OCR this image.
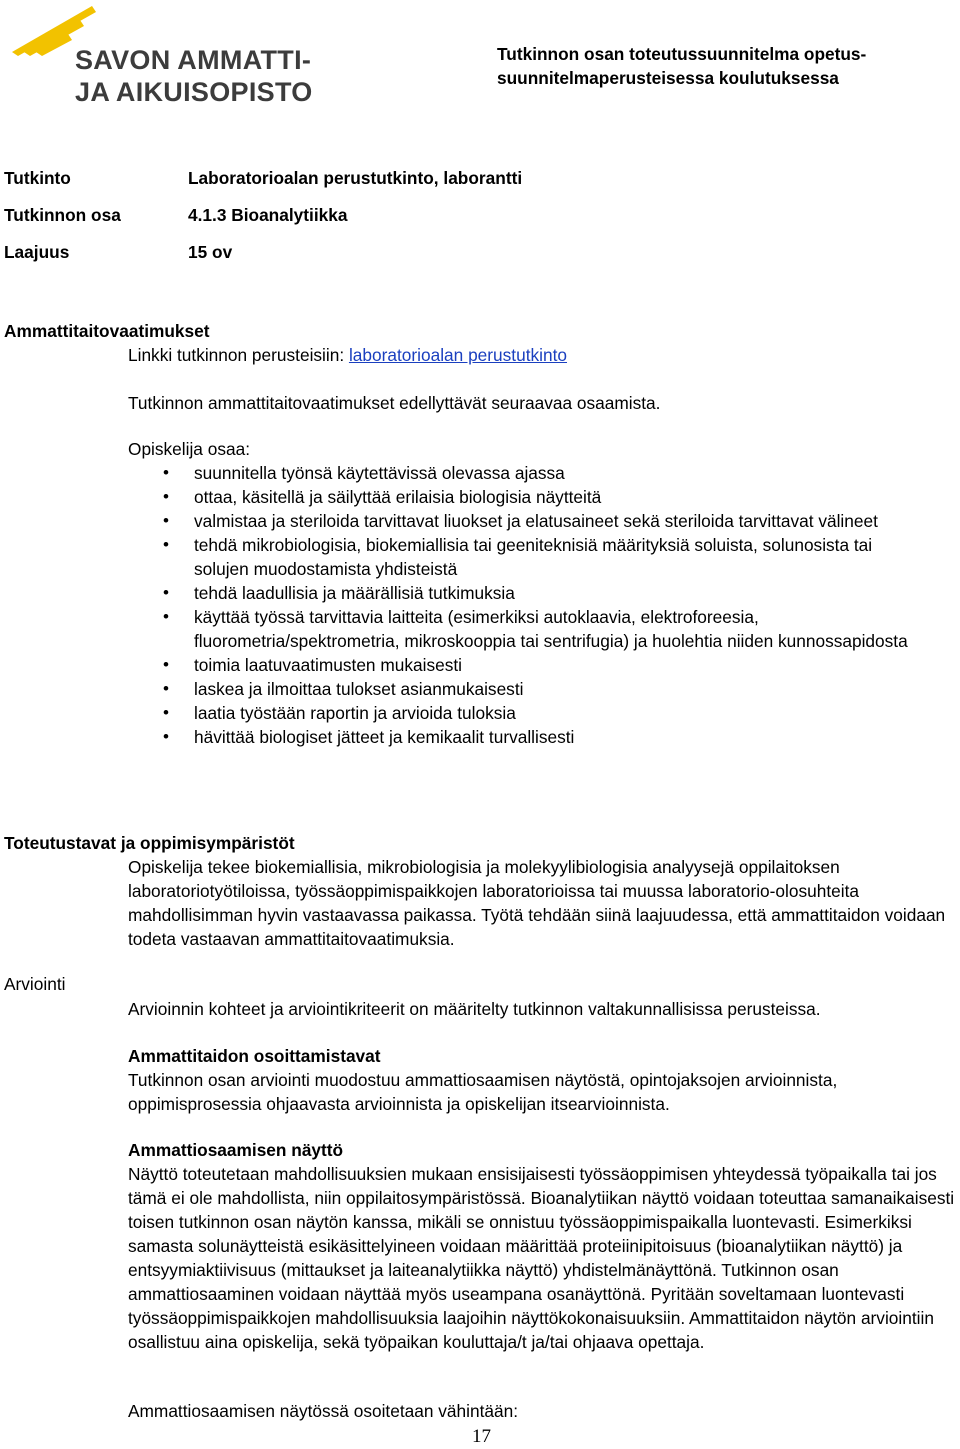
SAVON AMMATTI-
JA AIKUISOPISTO
Tutkinnon osan toteutussuunnitelma opetus-suunnitelmaperusteisessa koulutuksessa
Tutkinto	Laboratorioalan perustutkinto, laborantti
Tutkinnon osa	4.1.3 Bioanalytiikka
Laajuus	15 ov
Ammattitaitovaatimukset
Linkki tutkinnon perusteisiin: laboratorioalan perustutkinto
Tutkinnon ammattitaitovaatimukset edellyttävät seuraavaa osaamista.
Opiskelija osaa:
• suunnitella työnsä käytettävissä olevassa ajassa
• ottaa, käsitellä ja säilyttää erilaisia biologisia näytteitä
• valmistaa ja steriloida tarvittavat liuokset ja elatusaineet sekä steriloida tarvittavat välineet
• tehdä mikrobiologisia, biokemiallisia tai geeniteknisiä määrityksiä soluista, solunosista tai solujen muodostamista yhdisteistä
• tehdä laadullisia ja määrällisiä tutkimuksia
• käyttää työssä tarvittavia laitteita (esimerkiksi autoklaavia, elektroforeesia, fluorometria/spektrometria, mikroskooppia tai sentrifugia) ja huolehtia niiden kunnossapidosta
• toimia laatuvaatimusten mukaisesti
• laskea ja ilmoittaa tulokset asianmukaisesti
• laatia työstään raportin ja arvioida tuloksia
• hävittää biologiset jätteet ja kemikaalit turvallisesti
Toteutustavat ja oppimisympäristöt
Opiskelija tekee biokemiallisia, mikrobiologisia ja molekyylibiologisia analyysejä oppilaitoksen laboratoriotyötiloissa, työssäoppimispaikkojen laboratorioissa tai muussa laboratorio-olosuhteita mahdollisimman hyvin vastaavassa paikassa. Työtä tehdään siinä laajuudessa, että ammattitaidon voidaan todeta vastaavan ammattitaitovaatimuksia.
Arviointi
Arvioinnin kohteet ja arviointikriteerit on määritelty tutkinnon valtakunnallisissa perusteissa.
Ammattitaidon osoittamistavat
Tutkinnon osan arviointi muodostuu ammattiosaamisen näytöstä, opintojaksojen arvioinnista, oppimisprosessia ohjaavasta arvioinnista ja opiskelijan itsearvioinnista.
Ammattiosaamisen näyttö
Näyttö toteutetaan mahdollisuuksien mukaan ensisijaisesti työssäoppimisen yhteydessä työpaikalla tai jos tämä ei ole mahdollista, niin oppilaitosympäristössä. Bioanalytiikan näyttö voidaan toteuttaa samanaikaisesti toisen tutkinnon osan näytön kanssa, mikäli se onnistuu työssäoppimispaikalla luontevasti. Esimerkiksi samasta solunäytteistä esikäsittelyineen voidaan määrittää proteiinipitoisuus (bioanalytiikan näyttö) ja entsyymiaktiivisuus (mittaukset ja laiteanalytiikka näyttö) yhdistelmänäyttönä. Tutkinnon osan ammattiosaaminen voidaan näyttää myös useampana osanäyttönä. Pyritään soveltamaan luontevasti työssäoppimispaikkojen mahdollisuuksia laajoihin näyttökokonaisuuksiin. Ammattitaidon näytön arviointiin osallistuu aina opiskelija, sekä työpaikan kouluttaja/t ja/tai ohjaava opettaja.
Ammattiosaamisen näytössä osoitetaan vähintään:
17
